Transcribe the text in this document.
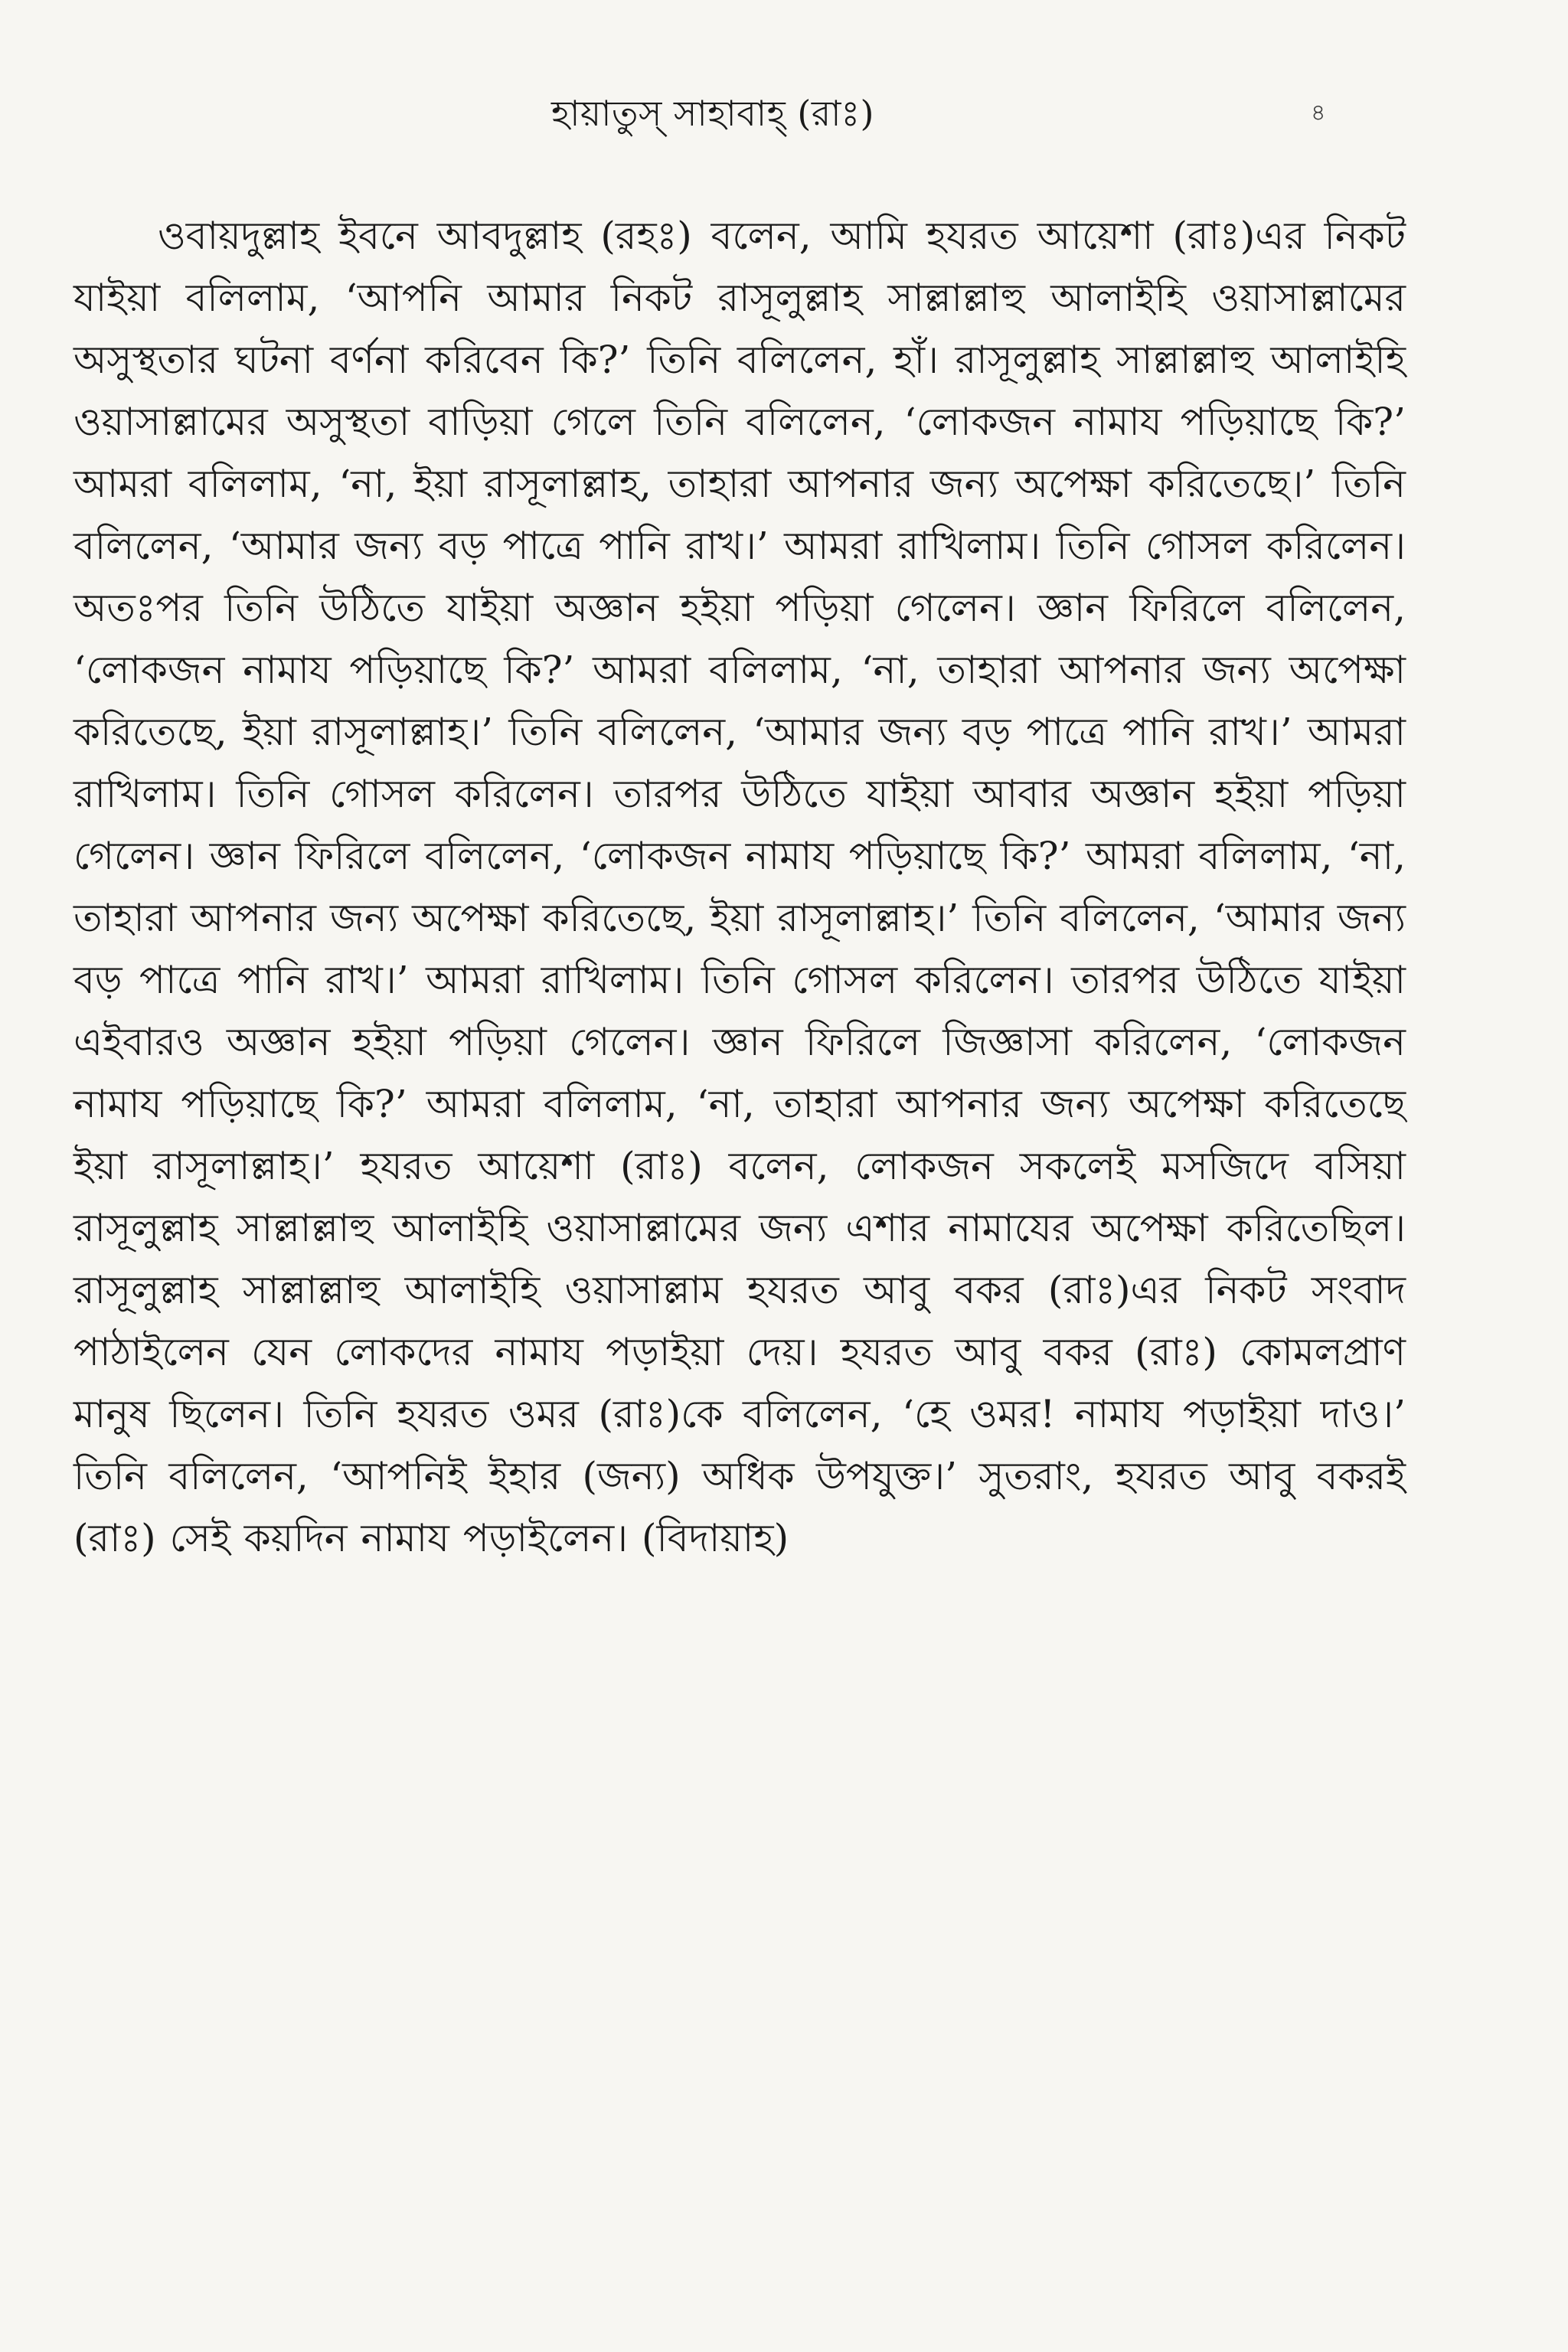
হায়াতুস্ সাহাবাহ্ (রাঃ)	৪

ওবায়দুল্লাহ ইবনে আবদুল্লাহ (রহঃ) বলেন, আমি হযরত আয়েশা (রাঃ)এর নিকট যাইয়া বলিলাম, ‘আপনি আমার নিকট রাসূলুল্লাহ সাল্লাল্লাহু আলাইহি ওয়াসাল্লামের অসুস্থতার ঘটনা বর্ণনা করিবেন কি?’ তিনি বলিলেন, হাঁ। রাসূলুল্লাহ সাল্লাল্লাহু আলাইহি ওয়াসাল্লামের অসুস্থতা বাড়িয়া গেলে তিনি বলিলেন, ‘লোকজন নামায পড়িয়াছে কি?’ আমরা বলিলাম, ‘না, ইয়া রাসূলাল্লাহ, তাহারা আপনার জন্য অপেক্ষা করিতেছে।’ তিনি বলিলেন, ‘আমার জন্য বড় পাত্রে পানি রাখ।’ আমরা রাখিলাম। তিনি গোসল করিলেন। অতঃপর তিনি উঠিতে যাইয়া অজ্ঞান হইয়া পড়িয়া গেলেন। জ্ঞান ফিরিলে বলিলেন, ‘লোকজন নামায পড়িয়াছে কি?’ আমরা বলিলাম, ‘না, তাহারা আপনার জন্য অপেক্ষা করিতেছে, ইয়া রাসূলাল্লাহ।’ তিনি বলিলেন, ‘আমার জন্য বড় পাত্রে পানি রাখ।’ আমরা রাখিলাম। তিনি গোসল করিলেন। তারপর উঠিতে যাইয়া আবার অজ্ঞান হইয়া পড়িয়া গেলেন। জ্ঞান ফিরিলে বলিলেন, ‘লোকজন নামায পড়িয়াছে কি?’ আমরা বলিলাম, ‘না, তাহারা আপনার জন্য অপেক্ষা করিতেছে, ইয়া রাসূলাল্লাহ।’ তিনি বলিলেন, ‘আমার জন্য বড় পাত্রে পানি রাখ।’ আমরা রাখিলাম। তিনি গোসল করিলেন। তারপর উঠিতে যাইয়া এইবারও অজ্ঞান হইয়া পড়িয়া গেলেন। জ্ঞান ফিরিলে জিজ্ঞাসা করিলেন, ‘লোকজন নামায পড়িয়াছে কি?’ আমরা বলিলাম, ‘না, তাহারা আপনার জন্য অপেক্ষা করিতেছে ইয়া রাসূলাল্লাহ।’ হযরত আয়েশা (রাঃ) বলেন, লোকজন সকলেই মসজিদে বসিয়া রাসূলুল্লাহ সাল্লাল্লাহু আলাইহি ওয়াসাল্লামের জন্য এশার নামাযের অপেক্ষা করিতেছিল। রাসূলুল্লাহ সাল্লাল্লাহু আলাইহি ওয়াসাল্লাম হযরত আবু বকর (রাঃ)এর নিকট সংবাদ পাঠাইলেন যেন লোকদের নামায পড়াইয়া দেয়। হযরত আবু বকর (রাঃ) কোমলপ্রাণ মানুষ ছিলেন। তিনি হযরত ওমর (রাঃ)কে বলিলেন, ‘হে ওমর! নামায পড়াইয়া দাও।’ তিনি বলিলেন, ‘আপনিই ইহার (জন্য) অধিক উপযুক্ত।’ সুতরাং, হযরত আবু বকরই (রাঃ) সেই কয়দিন নামায পড়াইলেন। (বিদায়াহ)
